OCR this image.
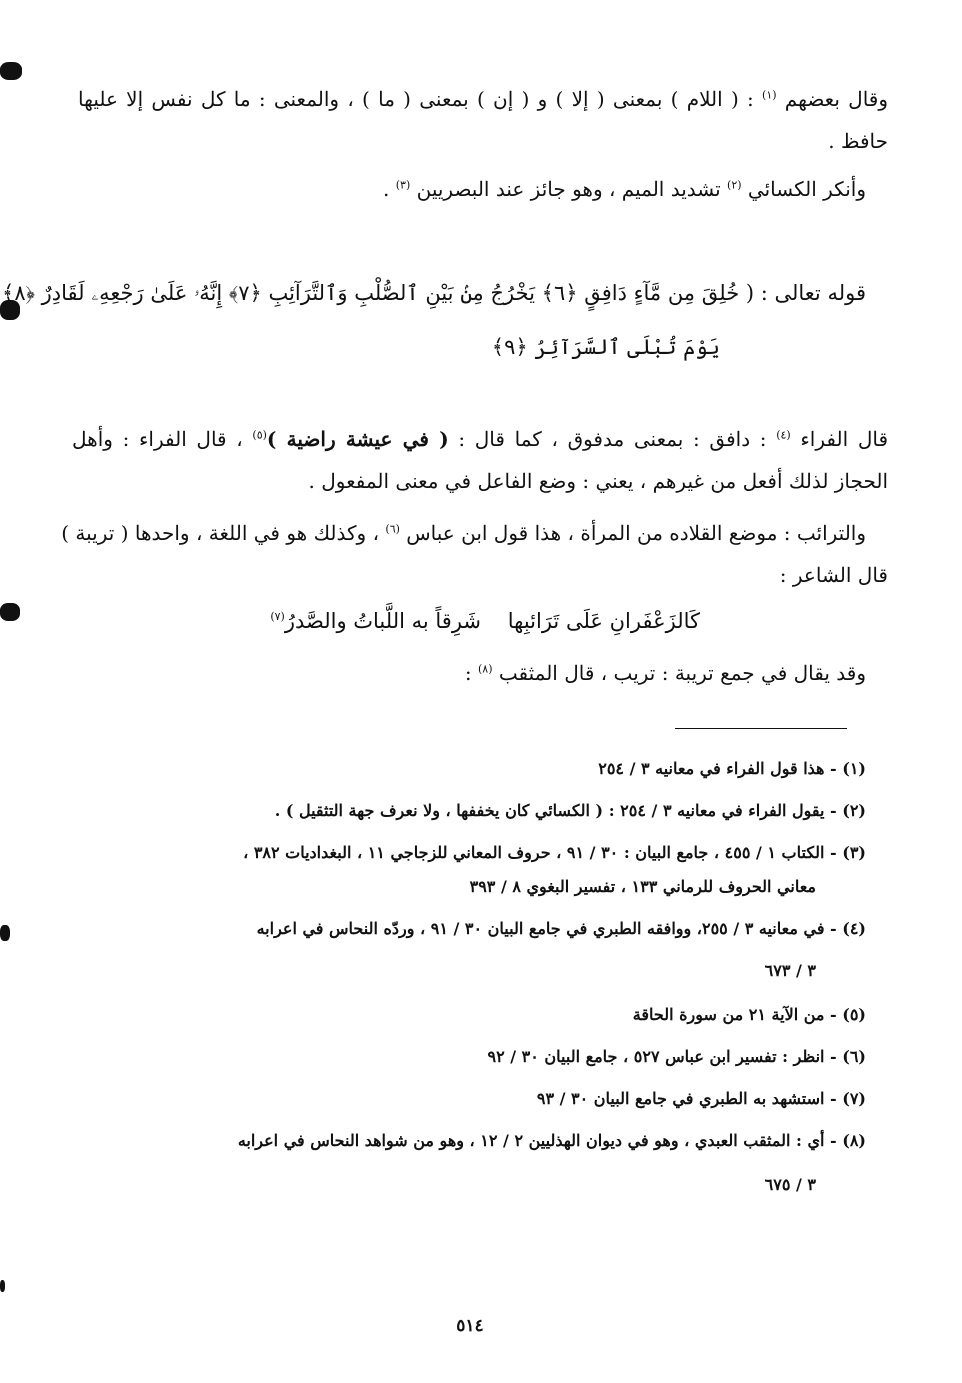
وقال بعضهم $^{(١)}$ : ( اللام ) بمعنى ( إلا ) و ( إن ) بمعنى ( ما ) ، والمعنى : ما كل نفس إلا عليها
حافظ .
وأنكر الكسائي $^{(٢)}$ تشديد الميم ، وهو جائز عند البصريين $^{(٣)}$ .
قوله تعالى : ( خُلِقَ مِن مَّآءٍ دَافِقٍ ﴿٦﴾ يَخْرُجُ مِنۢ بَيْنِ ٱلصُّلْبِ وَٱلتَّرَآئِبِ ﴿٧﴾ إِنَّهُۥ عَلَىٰ رَجْعِهِۦ لَقَادِرٌ ﴿٨﴾
يَوْمَ تُبْلَى ٱلسَّرَآئِرُ ﴿٩﴾
قال الفراء $^{(٤)}$ : دافق : بمعنى مدفوق ، كما قال : ( في عيشة راضية )$^{(٥)}$ ، قال الفراء : وأهل
الحجاز لذلك أفعل من غيرهم ، يعني : وضع الفاعل في معنى المفعول .
والترائب : موضع القلاده من المرأة ، هذا قول ابن عباس $^{(٦)}$ ، وكذلك هو في اللغة ، واحدها ( تريبة )
قال الشاعر :
كَالزَعْفَرانِ عَلَى تَرَائبِها    شَرِقاً به اللَّباتُ والصَّدرُ$^{(٧)}$
وقد يقال في جمع تريبة : تريب ، قال المثقب $^{(٨)}$ :
(١) - هذا قول الفراء في معانيه ٣ / ٢٥٤
(٢) - يقول الفراء في معانيه ٣ / ٢٥٤ : ( الكسائي كان يخففها ، ولا نعرف جهة التثقيل ) .
(٣) - الكتاب ١ / ٤٥٥ ، جامع البيان : ٣٠ / ٩١ ، حروف المعاني للزجاجي ١١ ، البغداديات ٣٨٢ ،
معاني الحروف للرماني ١٣٣ ، تفسير البغوي ٨ / ٣٩٣
(٤) - في معانيه ٣ / ٢٥٥، ووافقه الطبري في جامع البيان ٣٠ / ٩١ ، وردّه النحاس في اعرابه
٣ / ٦٧٣
(٥) - من الآية ٢١ من سورة الحاقة
(٦) - انظر : تفسير ابن عباس ٥٢٧ ، جامع البيان ٣٠ / ٩٢
(٧) - استشهد به الطبري في جامع البيان ٣٠ / ٩٣
(٨) - أي : المثقب العبدي ، وهو في ديوان الهذليين ٢ / ١٢ ، وهو من شواهد النحاس في اعرابه
٣ / ٦٧٥
٥١٤
